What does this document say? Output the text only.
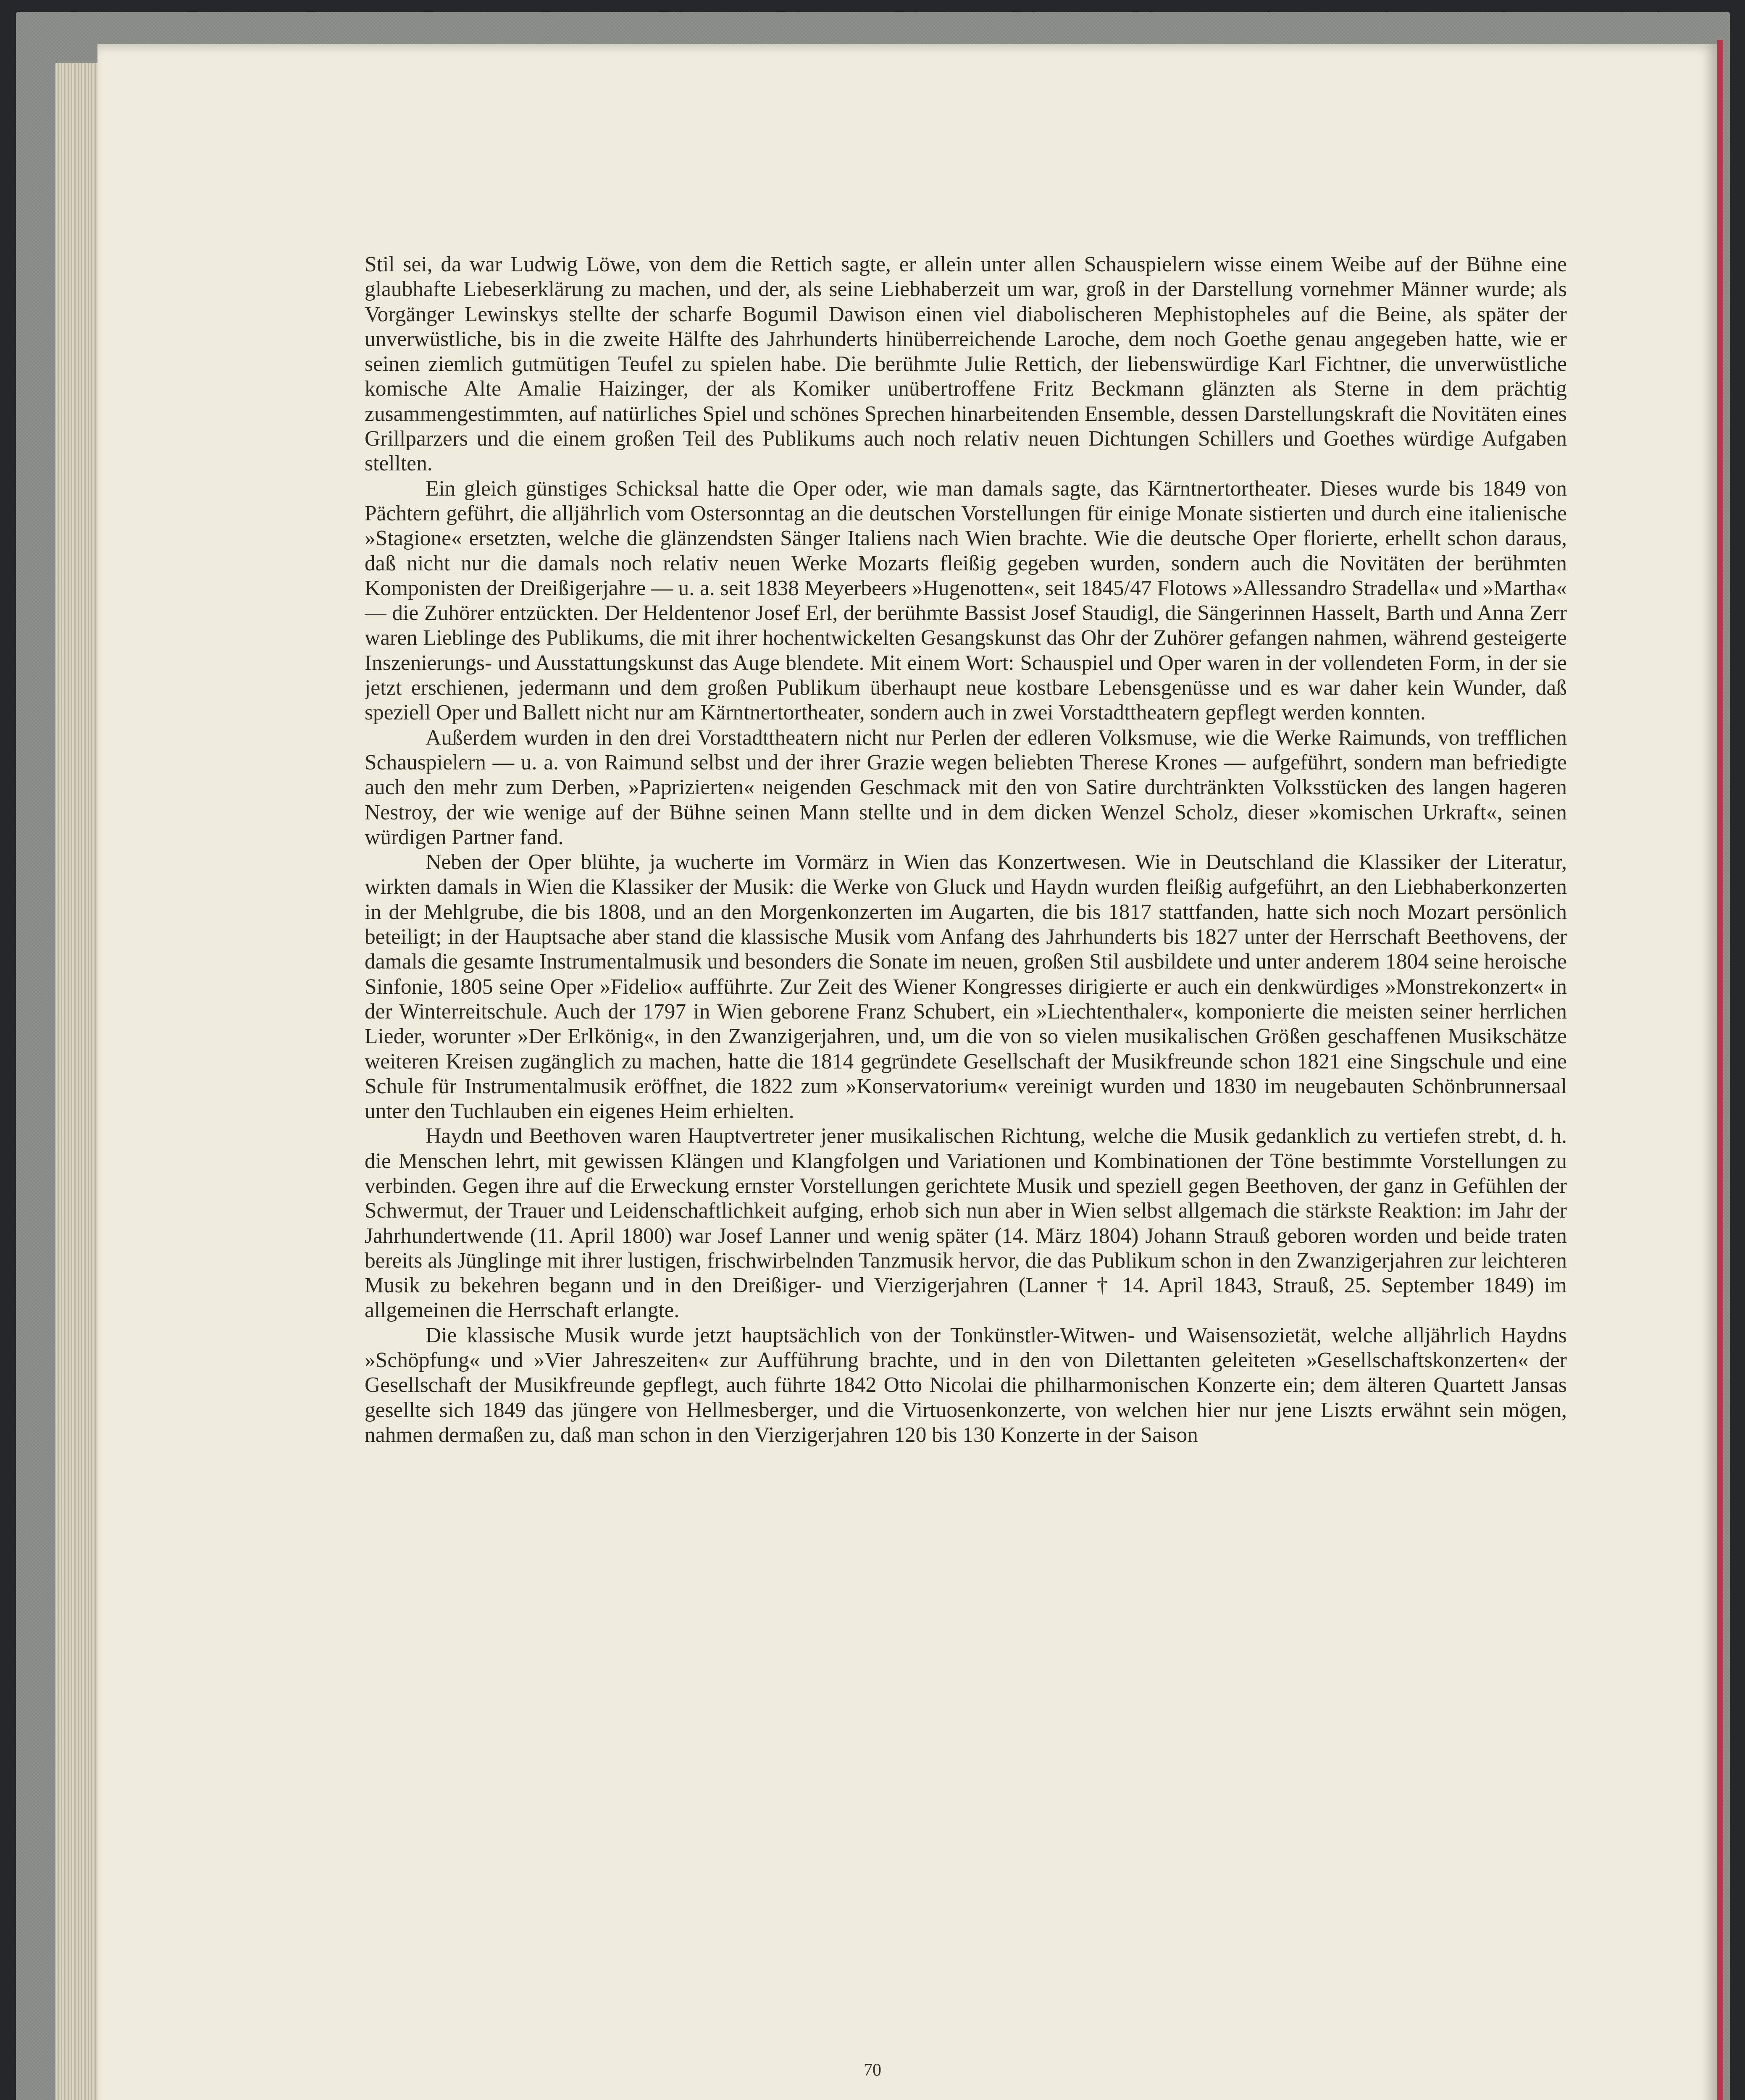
Stil sei, da war Ludwig Löwe, von dem die Rettich sagte, er allein unter allen Schauspielern wisse einem Weibe auf der Bühne eine glaubhafte Liebeserklärung zu machen, und der, als seine Liebhaberzeit um war, groß in der Darstellung vornehmer Männer wurde; als Vorgänger Lewinskys stellte der scharfe Bogumil Dawison einen viel diabolischeren Mephistopheles auf die Beine, als später der unverwüstliche, bis in die zweite Hälfte des Jahrhunderts hinüberreichende Laroche, dem noch Goethe genau angegeben hatte, wie er seinen ziemlich gutmütigen Teufel zu spielen habe. Die berühmte Julie Rettich, der liebenswürdige Karl Fichtner, die unverwüstliche komische Alte Amalie Haizinger, der als Komiker unübertroffene Fritz Beckmann glänzten als Sterne in dem prächtig zusammengestimmten, auf natürliches Spiel und schönes Sprechen hinarbeitenden Ensemble, dessen Darstellungskraft die Novitäten eines Grillparzers und die einem großen Teil des Publikums auch noch relativ neuen Dichtungen Schillers und Goethes würdige Aufgaben stellten.

Ein gleich günstiges Schicksal hatte die Oper oder, wie man damals sagte, das Kärntnertortheater. Dieses wurde bis 1849 von Pächtern geführt, die alljährlich vom Ostersonntag an die deutschen Vorstellungen für einige Monate sistierten und durch eine italienische »Stagione« ersetzten, welche die glänzendsten Sänger Italiens nach Wien brachte. Wie die deutsche Oper florierte, erhellt schon daraus, daß nicht nur die damals noch relativ neuen Werke Mozarts fleißig gegeben wurden, sondern auch die Novitäten der berühmten Komponisten der Dreißigerjahre — u. a. seit 1838 Meyerbeers »Hugenotten«, seit 1845/47 Flotows »Allessandro Stradella« und »Martha« — die Zuhörer entzückten. Der Heldentenor Josef Erl, der berühmte Bassist Josef Staudigl, die Sängerinnen Hasselt, Barth und Anna Zerr waren Lieblinge des Publikums, die mit ihrer hochentwickelten Gesangskunst das Ohr der Zuhörer gefangen nahmen, während gesteigerte Inszenierungs- und Ausstattungskunst das Auge blendete. Mit einem Wort: Schauspiel und Oper waren in der vollendeten Form, in der sie jetzt erschienen, jedermann und dem großen Publikum überhaupt neue kostbare Lebensgenüsse und es war daher kein Wunder, daß speziell Oper und Ballett nicht nur am Kärntnertortheater, sondern auch in zwei Vorstadttheatern gepflegt werden konnten.

Außerdem wurden in den drei Vorstadttheatern nicht nur Perlen der edleren Volksmuse, wie die Werke Raimunds, von trefflichen Schauspielern — u. a. von Raimund selbst und der ihrer Grazie wegen beliebten Therese Krones — aufgeführt, sondern man befriedigte auch den mehr zum Derben, »Paprizierten« neigenden Geschmack mit den von Satire durchtränkten Volksstücken des langen hageren Nestroy, der wie wenige auf der Bühne seinen Mann stellte und in dem dicken Wenzel Scholz, dieser »komischen Urkraft«, seinen würdigen Partner fand.

Neben der Oper blühte, ja wucherte im Vormärz in Wien das Konzertwesen. Wie in Deutschland die Klassiker der Literatur, wirkten damals in Wien die Klassiker der Musik: die Werke von Gluck und Haydn wurden fleißig aufgeführt, an den Liebhaberkonzerten in der Mehlgrube, die bis 1808, und an den Morgenkonzerten im Augarten, die bis 1817 stattfanden, hatte sich noch Mozart persönlich beteiligt; in der Hauptsache aber stand die klassische Musik vom Anfang des Jahrhunderts bis 1827 unter der Herrschaft Beethovens, der damals die gesamte Instrumentalmusik und besonders die Sonate im neuen, großen Stil ausbildete und unter anderem 1804 seine heroische Sinfonie, 1805 seine Oper »Fidelio« aufführte. Zur Zeit des Wiener Kongresses dirigierte er auch ein denkwürdiges »Monstrekonzert« in der Winterreitschule. Auch der 1797 in Wien geborene Franz Schubert, ein »Liechtenthaler«, komponierte die meisten seiner herrlichen Lieder, worunter »Der Erlkönig«, in den Zwanzigerjahren, und, um die von so vielen musikalischen Größen geschaffenen Musikschätze weiteren Kreisen zugänglich zu machen, hatte die 1814 gegründete Gesellschaft der Musikfreunde schon 1821 eine Singschule und eine Schule für Instrumentalmusik eröffnet, die 1822 zum »Konservatorium« vereinigt wurden und 1830 im neugebauten Schönbrunnersaal unter den Tuchlauben ein eigenes Heim erhielten.

Haydn und Beethoven waren Hauptvertreter jener musikalischen Richtung, welche die Musik gedanklich zu vertiefen strebt, d. h. die Menschen lehrt, mit gewissen Klängen und Klangfolgen und Variationen und Kombinationen der Töne bestimmte Vorstellungen zu verbinden. Gegen ihre auf die Erweckung ernster Vorstellungen gerichtete Musik und speziell gegen Beethoven, der ganz in Gefühlen der Schwermut, der Trauer und Leidenschaftlichkeit aufging, erhob sich nun aber in Wien selbst allgemach die stärkste Reaktion: im Jahr der Jahrhundertwende (11. April 1800) war Josef Lanner und wenig später (14. März 1804) Johann Strauß geboren worden und beide traten bereits als Jünglinge mit ihrer lustigen, frischwirbelnden Tanzmusik hervor, die das Publikum schon in den Zwanzigerjahren zur leichteren Musik zu bekehren begann und in den Dreißiger- und Vierzigerjahren (Lanner † 14. April 1843, Strauß, 25. September 1849) im allgemeinen die Herrschaft erlangte.

Die klassische Musik wurde jetzt hauptsächlich von der Tonkünstler-Witwen- und Waisensozietät, welche alljährlich Haydns »Schöpfung« und »Vier Jahreszeiten« zur Aufführung brachte, und in den von Dilettanten geleiteten »Gesellschaftskonzerten« der Gesellschaft der Musikfreunde gepflegt, auch führte 1842 Otto Nicolai die philharmonischen Konzerte ein; dem älteren Quartett Jansas gesellte sich 1849 das jüngere von Hellmesberger, und die Virtuosenkonzerte, von welchen hier nur jene Liszts erwähnt sein mögen, nahmen dermaßen zu, daß man schon in den Vierzigerjahren 120 bis 130 Konzerte in der Saison

70
